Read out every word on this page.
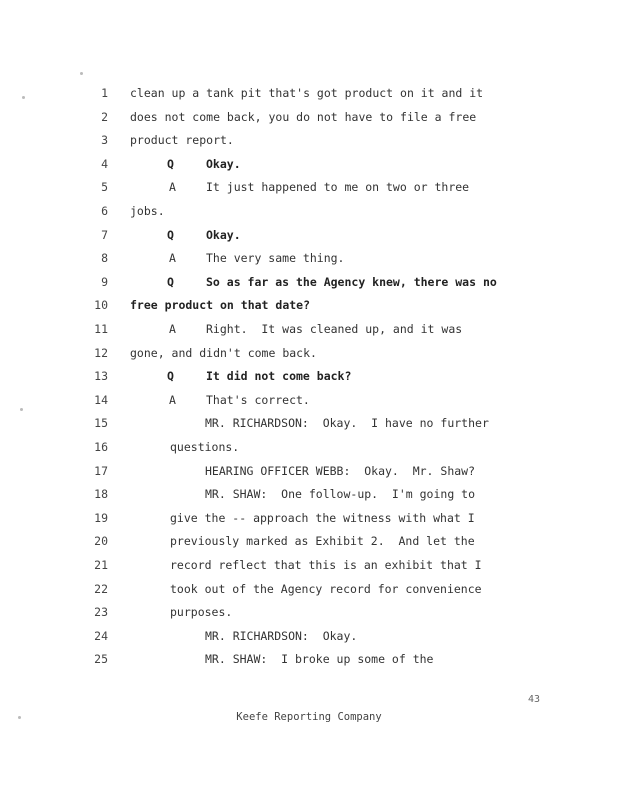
1 clean up a tank pit that's got product on it and it
2 does not come back, you do not have to file a free
3 product report.
4	Q	Okay.
5	A	It just happened to me on two or three
6 jobs.
7	Q	Okay.
8	A	The very same thing.
9	Q	So as far as the Agency knew, there was no
10 free product on that date?
11	A	Right.  It was cleaned up, and it was
12 gone, and didn't come back.
13	Q	It did not come back?
14	A	That's correct.
15	MR. RICHARDSON:  Okay.  I have no further
16	questions.
17	HEARING OFFICER WEBB:  Okay.  Mr. Shaw?
18	MR. SHAW:  One follow-up.  I'm going to
19	give the -- approach the witness with what I
20	previously marked as Exhibit 2.  And let the
21	record reflect that this is an exhibit that I
22	took out of the Agency record for convenience
23	purposes.
24	MR. RICHARDSON:  Okay.
25	MR. SHAW:  I broke up some of the
43
Keefe Reporting Company
